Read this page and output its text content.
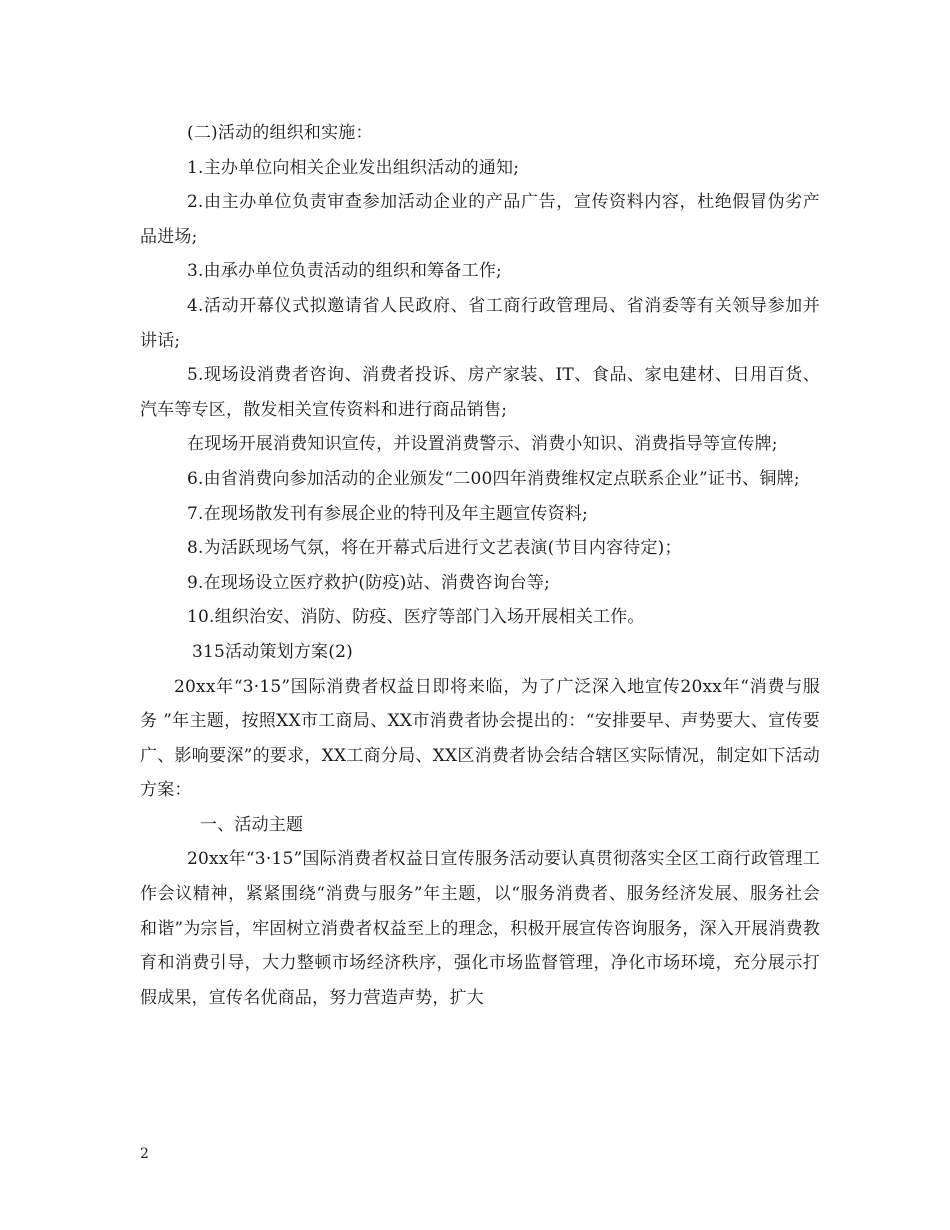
(二)活动的组织和实施：

1.主办单位向相关企业发出组织活动的通知;

2.由主办单位负责审查参加活动企业的产品广告，宣传资料内容，杜绝假冒伪劣产品进场;

3.由承办单位负责活动的组织和筹备工作;

4.活动开幕仪式拟邀请省人民政府、省工商行政管理局、省消委等有关领导参加并讲话;

5.现场设消费者咨询、消费者投诉、房产家装、IT、食品、家电建材、日用百货、汽车等专区，散发相关宣传资料和进行商品销售;

在现场开展消费知识宣传，并设置消费警示、消费小知识、消费指导等宣传牌;

6.由省消费向参加活动的企业颁发“二00四年消费维权定点联系企业”证书、铜牌;

7.在现场散发刊有参展企业的特刊及年主题宣传资料;

8.为活跃现场气氛，将在开幕式后进行文艺表演(节目内容待定)；

9.在现场设立医疗救护(防疫)站、消费咨询台等;

10.组织治安、消防、防疫、医疗等部门入场开展相关工作。

315活动策划方案(2)

20xx年“3·15”国际消费者权益日即将来临，为了广泛深入地宣传20xx年“消费与服务 ”年主题，按照XX市工商局、XX市消费者协会提出的：“安排要早、声势要大、宣传要广、影响要深”的要求，XX工商分局、XX区消费者协会结合辖区实际情况，制定如下活动方案：

一、活动主题

20xx年“3·15”国际消费者权益日宣传服务活动要认真贯彻落实全区工商行政管理工作会议精神，紧紧围绕“消费与服务”年主题，以“服务消费者、服务经济发展、服务社会和谐”为宗旨，牢固树立消费者权益至上的理念，积极开展宣传咨询服务，深入开展消费教育和消费引导，大力整顿市场经济秩序，强化市场监督管理，净化市场环境，充分展示打假成果，宣传名优商品，努力营造声势，扩大

2
